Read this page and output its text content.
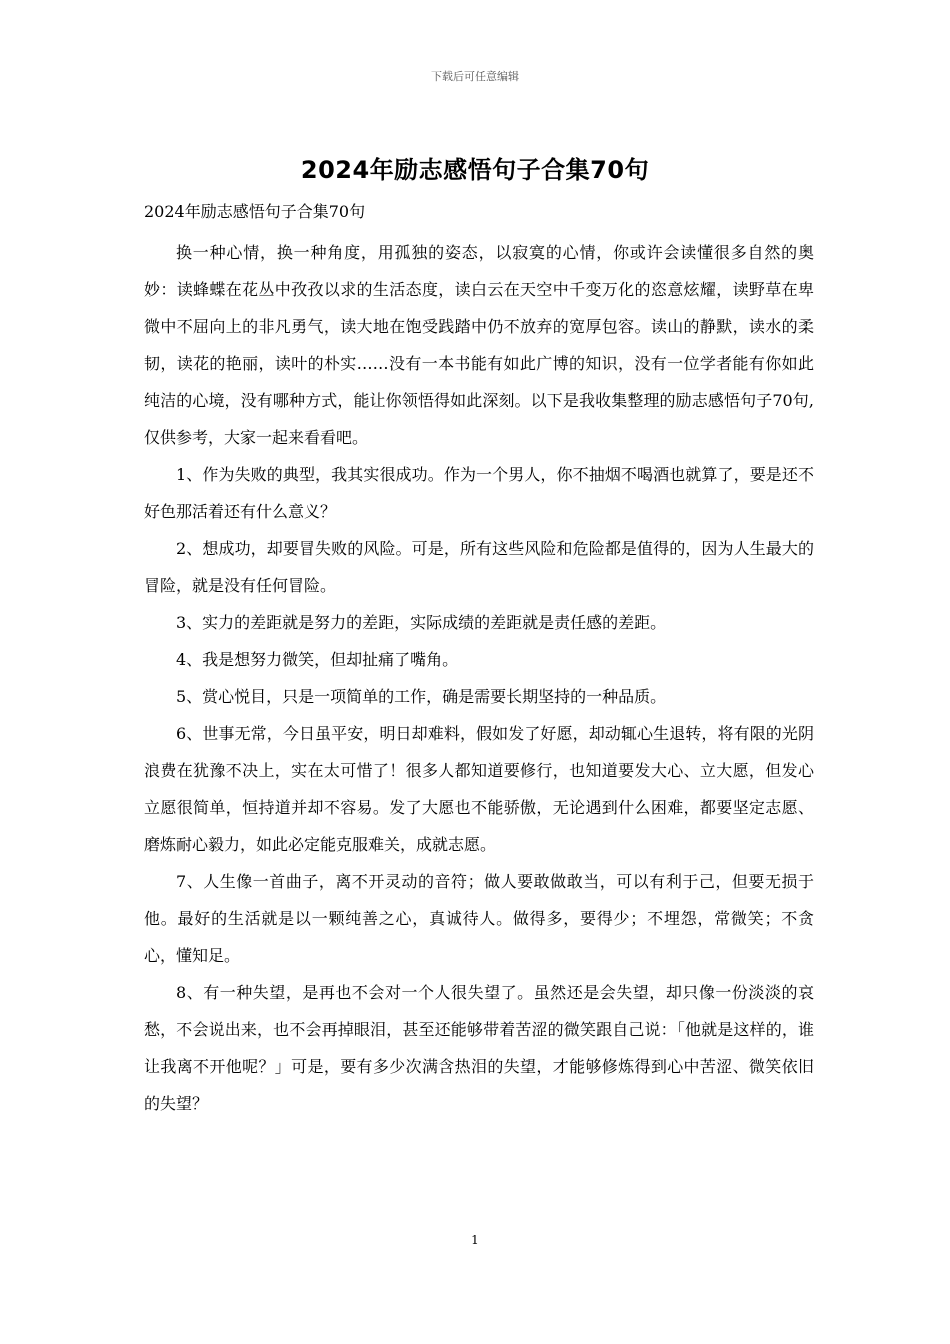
下载后可任意编辑
2024年励志感悟句子合集70句
2024年励志感悟句子合集70句

换一种心情，换一种角度，用孤独的姿态，以寂寞的心情，你或许会读懂很多自然的奥妙：读蜂蝶在花丛中孜孜以求的生活态度，读白云在天空中千变万化的恣意炫耀，读野草在卑微中不屈向上的非凡勇气，读大地在饱受践踏中仍不放弃的宽厚包容。读山的静默，读水的柔韧，读花的艳丽，读叶的朴实……没有一本书能有如此广博的知识，没有一位学者能有你如此纯洁的心境，没有哪种方式，能让你领悟得如此深刻。以下是我收集整理的励志感悟句子70句,仅供参考，大家一起来看看吧。

1、作为失败的典型，我其实很成功。作为一个男人，你不抽烟不喝酒也就算了，要是还不好色那活着还有什么意义？

2、想成功，却要冒失败的风险。可是，所有这些风险和危险都是值得的，因为人生最大的冒险，就是没有任何冒险。

3、实力的差距就是努力的差距，实际成绩的差距就是责任感的差距。

4、我是想努力微笑，但却扯痛了嘴角。

5、赏心悦目，只是一项简单的工作，确是需要长期坚持的一种品质。

6、世事无常，今日虽平安，明日却难料，假如发了好愿，却动辄心生退转，将有限的光阴浪费在犹豫不决上，实在太可惜了！很多人都知道要修行，也知道要发大心、立大愿，但发心立愿很简单，恒持道并却不容易。发了大愿也不能骄傲，无论遇到什么困难，都要坚定志愿、磨炼耐心毅力，如此必定能克服难关，成就志愿。

7、人生像一首曲子，离不开灵动的音符；做人要敢做敢当，可以有利于己，但要无损于他。最好的生活就是以一颗纯善之心，真诚待人。做得多，要得少；不埋怨，常微笑；不贪心，懂知足。

8、有一种失望，是再也不会对一个人很失望了。虽然还是会失望，却只像一份淡淡的哀愁，不会说出来，也不会再掉眼泪，甚至还能够带着苦涩的微笑跟自己说：「他就是这样的，谁让我离不开他呢？」可是，要有多少次满含热泪的失望，才能够修炼得到心中苦涩、微笑依旧的失望？

1
